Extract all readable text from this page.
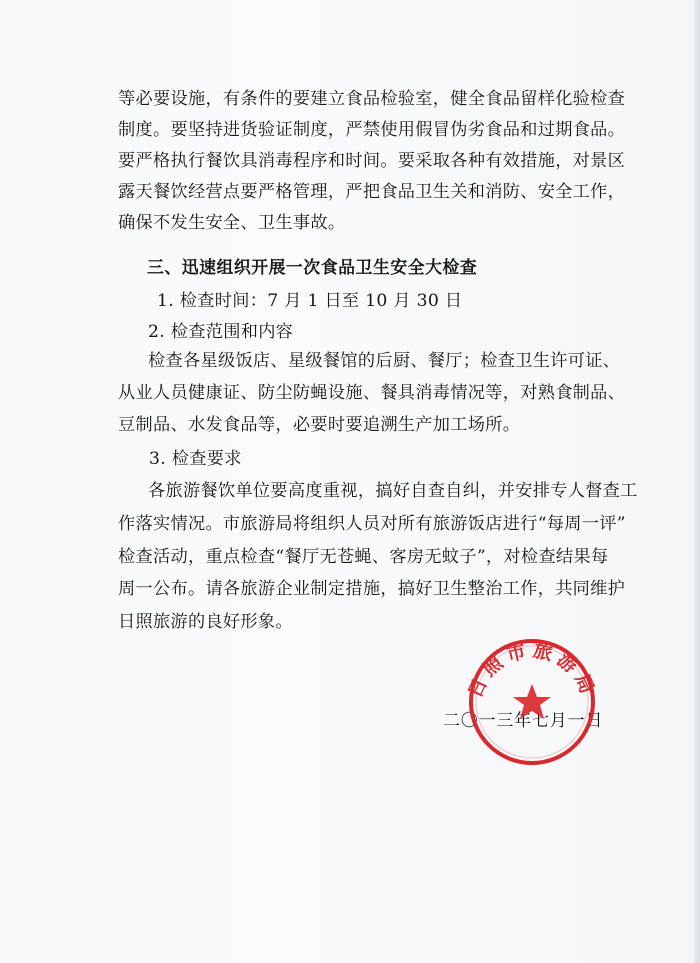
等必要设施，有条件的要建立食品检验室，健全食品留样化验检查
制度。要坚持进货验证制度，严禁使用假冒伪劣食品和过期食品。
要严格执行餐饮具消毒程序和时间。要采取各种有效措施，对景区
露天餐饮经营点要严格管理，严把食品卫生关和消防、安全工作，
确保不发生安全、卫生事故。
三、迅速组织开展一次食品卫生安全大检查
1. 检查时间：7 月 1 日至 10 月 30 日
2. 检查范围和内容
检查各星级饭店、星级餐馆的后厨、餐厅；检查卫生许可证、
从业人员健康证、防尘防蝇设施、餐具消毒情况等，对熟食制品、
豆制品、水发食品等，必要时要追溯生产加工场所。
3. 检查要求
各旅游餐饮单位要高度重视，搞好自查自纠，并安排专人督查工
作落实情况。市旅游局将组织人员对所有旅游饭店进行“每周一评”
检查活动，重点检查“餐厅无苍蝇、客房无蚊子”，对检查结果每
周一公布。请各旅游企业制定措施，搞好卫生整治工作，共同维护
日照旅游的良好形象。
二〇一三年七月一日
日照市旅游局
